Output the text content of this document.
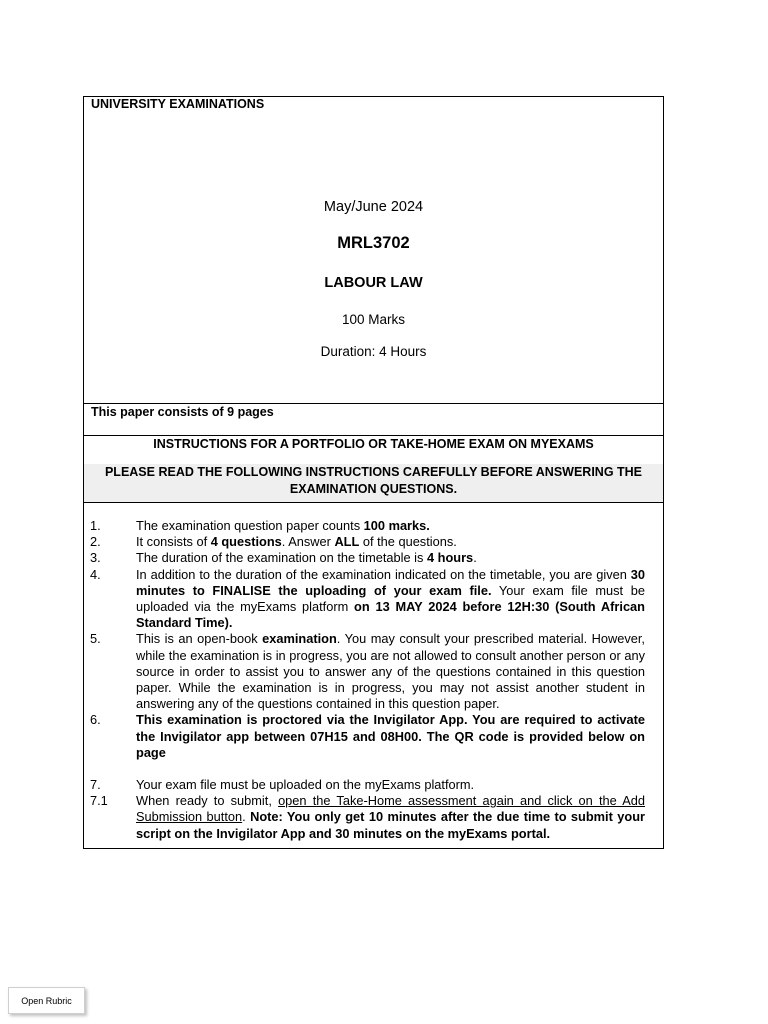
UNIVERSITY EXAMINATIONS
May/June 2024
MRL3702
LABOUR LAW
100 Marks
Duration: 4 Hours
This paper consists of 9 pages
INSTRUCTIONS FOR A PORTFOLIO OR TAKE-HOME EXAM ON MYEXAMS
PLEASE READ THE FOLLOWING INSTRUCTIONS CAREFULLY BEFORE ANSWERING THE EXAMINATION QUESTIONS.
1.	The examination question paper counts 100 marks.
2.	It consists of 4 questions. Answer ALL of the questions.
3.	The duration of the examination on the timetable is 4 hours.
4.	In addition to the duration of the examination indicated on the timetable, you are given 30 minutes to FINALISE the uploading of your exam file. Your exam file must be uploaded via the myExams platform on 13 MAY 2024 before 12H:30 (South African Standard Time).
5.	This is an open-book examination. You may consult your prescribed material. However, while the examination is in progress, you are not allowed to consult another person or any source in order to assist you to answer any of the questions contained in this question paper. While the examination is in progress, you may not assist another student in answering any of the questions contained in this question paper.
6.	This examination is proctored via the Invigilator App. You are required to activate the Invigilator app between 07H15 and 08H00. The QR code is provided below on page
7.	Your exam file must be uploaded on the myExams platform.
7.1	When ready to submit, open the Take-Home assessment again and click on the Add Submission button. Note: You only get 10 minutes after the due time to submit your script on the Invigilator App and 30 minutes on the myExams portal.
Open Rubric
